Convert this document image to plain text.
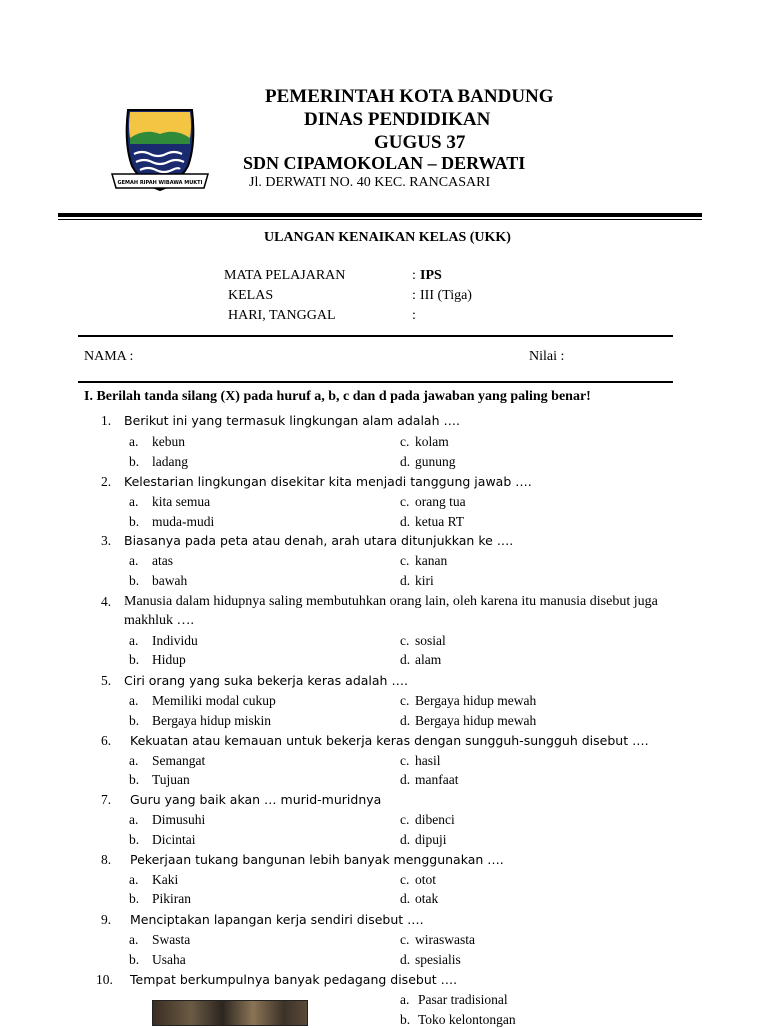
GEMAH RIPAH WIBAWA MUKTI
PEMERINTAH KOTA BANDUNG
DINAS PENDIDIKAN
GUGUS 37
SDN CIPAMOKOLAN – DERWATI
Jl. DERWATI NO. 40 KEC. RANCASARI
ULANGAN KENAIKAN KELAS (UKK)
MATA PELAJARAN	: IPS
KELAS	: III (Tiga)
HARI, TANGGAL	:
NAMA :	Nilai :
I. Berilah tanda silang (X) pada huruf a, b, c dan d pada jawaban yang paling benar!
1. Berikut ini yang termasuk lingkungan alam adalah ….
a. kebun	c. kolam
b. ladang	d. gunung
2. Kelestarian lingkungan disekitar kita menjadi tanggung jawab ….
a. kita semua	c. orang tua
b. muda-mudi	d. ketua RT
3. Biasanya pada peta atau denah, arah utara ditunjukkan ke ….
a. atas	c. kanan
b. bawah	d. kiri
4. Manusia dalam hidupnya saling membutuhkan orang lain, oleh karena itu manusia disebut juga
makhluk ….
a. Individu	c. sosial
b. Hidup	d. alam
5. Ciri orang yang suka bekerja keras adalah ….
a. Memiliki modal cukup	c. Bergaya hidup mewah
b. Bergaya hidup miskin	d. Bergaya hidup mewah
6. Kekuatan atau kemauan untuk bekerja keras dengan sungguh-sungguh disebut ….
a. Semangat	c. hasil
b. Tujuan	d. manfaat
7. Guru yang baik akan … murid-muridnya
a. Dimusuhi	c. dibenci
b. Dicintai	d. dipuji
8. Pekerjaan tukang bangunan lebih banyak menggunakan ….
a. Kaki	c. otot
b. Pikiran	d. otak
9. Menciptakan lapangan kerja sendiri disebut ….
a. Swasta	c. wiraswasta
b. Usaha	d. spesialis
10. Tempat berkumpulnya banyak pedagang disebut ….
a. Pasar tradisional
b. Toko kelontongan
